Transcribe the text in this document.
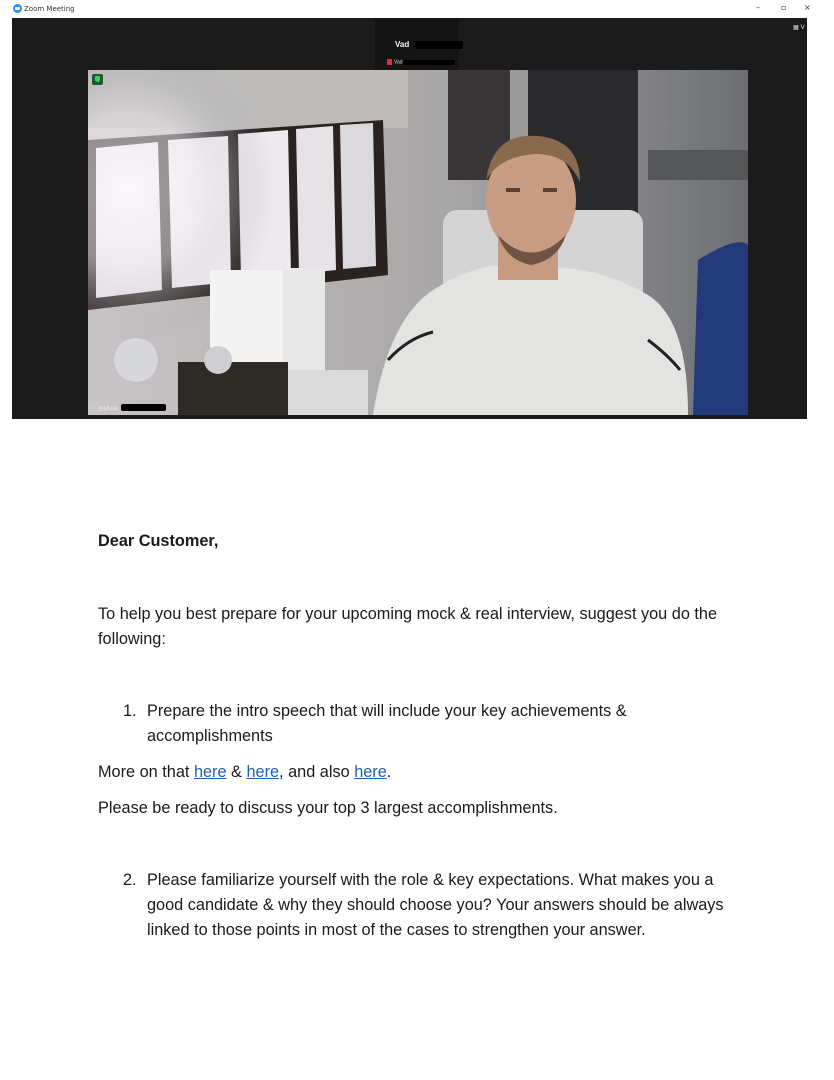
Zoom Meeting	–	▫ ×
Vad
Vad
Joshua
▦ V
Dear Customer,
To help you best prepare for your upcoming mock & real interview, suggest you do the following:
1. Prepare the intro speech that will include your key achievements & accomplishments
More on that here & here, and also here.
Please be ready to discuss your top 3 largest accomplishments.
2. Please familiarize yourself with the role & key expectations. What makes you a good candidate & why they should choose you? Your answers should be always linked to those points in most of the cases to strengthen your answer.
